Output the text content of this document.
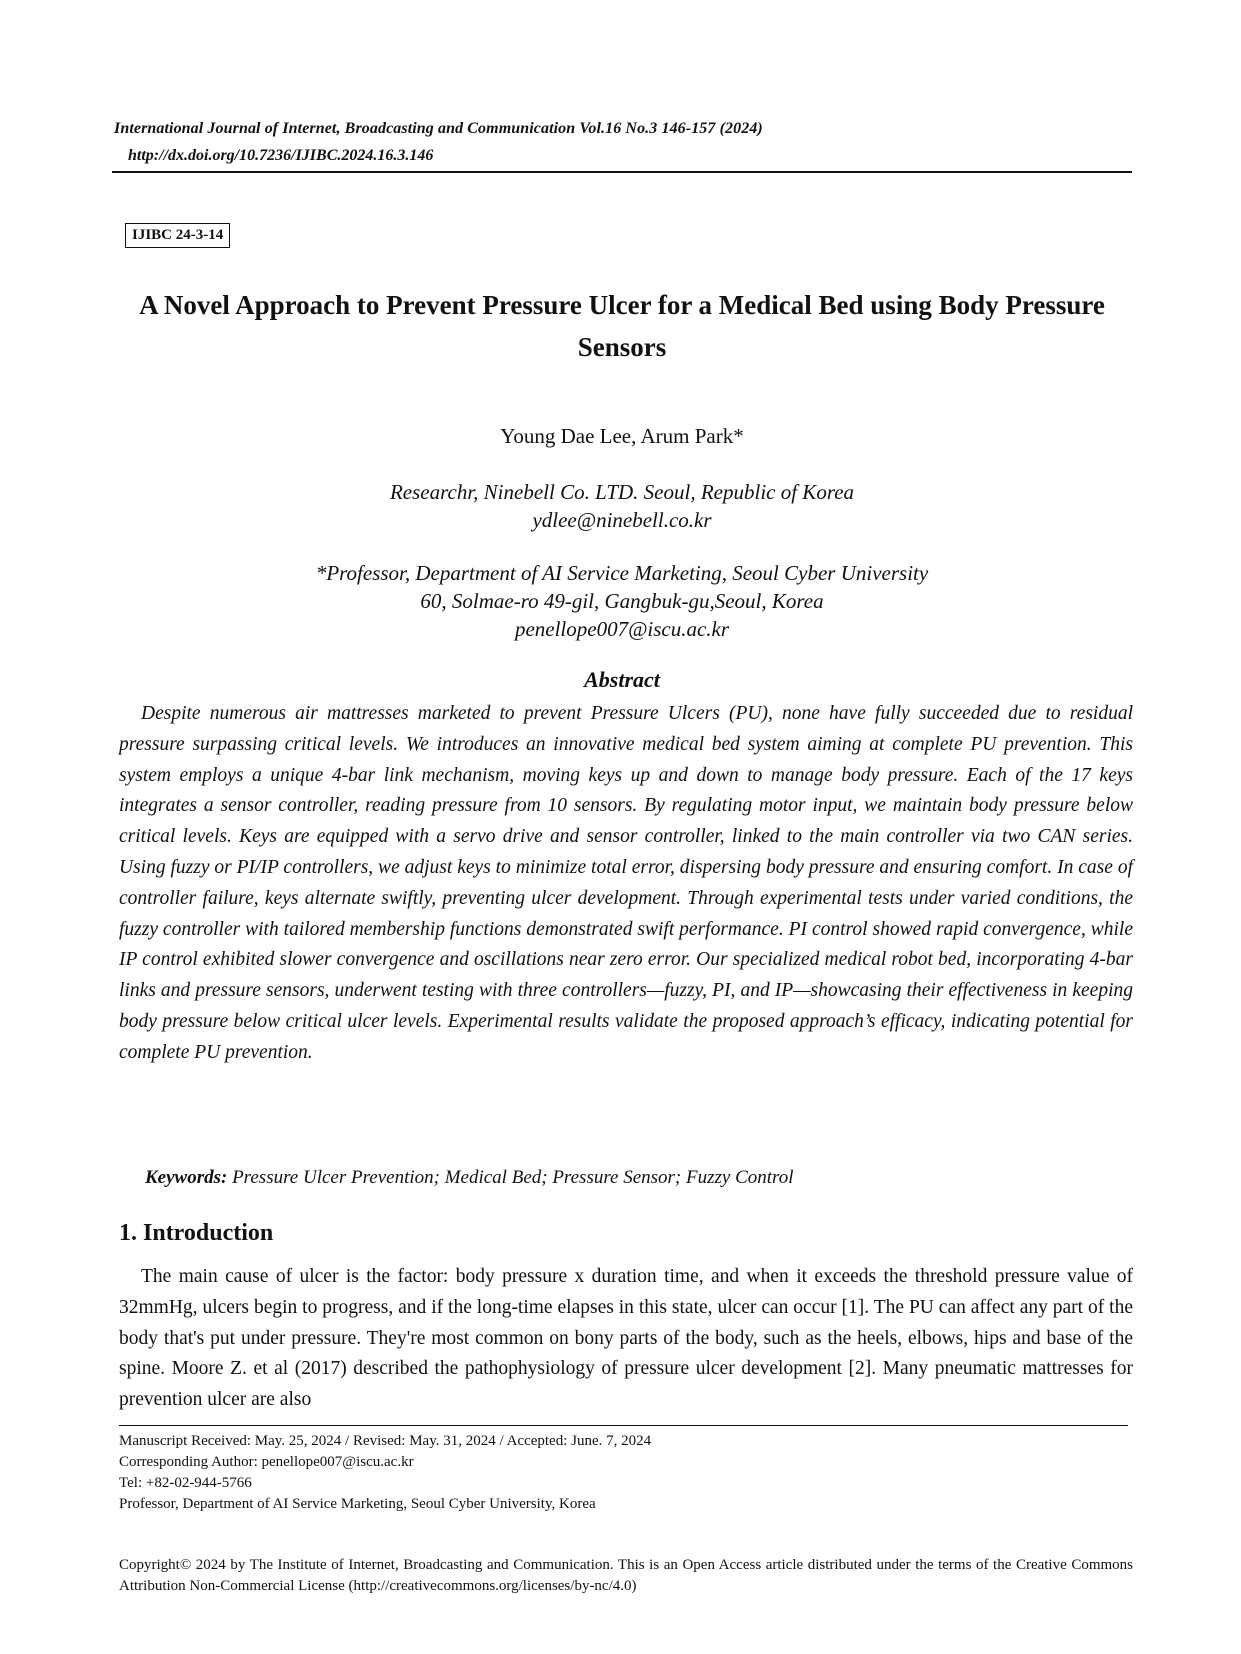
International Journal of Internet, Broadcasting and Communication Vol.16 No.3 146-157 (2024)
http://dx.doi.org/10.7236/IJIBC.2024.16.3.146
IJIBC 24-3-14
A Novel Approach to Prevent Pressure Ulcer for a Medical Bed using Body Pressure Sensors
Young Dae Lee, Arum Park*
Researchr, Ninebell Co. LTD. Seoul, Republic of Korea
ydlee@ninebell.co.kr
*Professor, Department of AI Service Marketing, Seoul Cyber University
60, Solmae-ro 49-gil, Gangbuk-gu,Seoul, Korea
penellope007@iscu.ac.kr
Abstract

Despite numerous air mattresses marketed to prevent Pressure Ulcers (PU), none have fully succeeded due to residual pressure surpassing critical levels. We introduces an innovative medical bed system aiming at complete PU prevention. This system employs a unique 4-bar link mechanism, moving keys up and down to manage body pressure. Each of the 17 keys integrates a sensor controller, reading pressure from 10 sensors. By regulating motor input, we maintain body pressure below critical levels. Keys are equipped with a servo drive and sensor controller, linked to the main controller via two CAN series. Using fuzzy or PI/IP controllers, we adjust keys to minimize total error, dispersing body pressure and ensuring comfort. In case of controller failure, keys alternate swiftly, preventing ulcer development. Through experimental tests under varied conditions, the fuzzy controller with tailored membership functions demonstrated swift performance. PI control showed rapid convergence, while IP control exhibited slower convergence and oscillations near zero error. Our specialized medical robot bed, incorporating 4-bar links and pressure sensors, underwent testing with three controllers—fuzzy, PI, and IP—showcasing their effectiveness in keeping body pressure below critical ulcer levels. Experimental results validate the proposed approach’s efficacy, indicating potential for complete PU prevention.

Keywords: Pressure Ulcer Prevention; Medical Bed; Pressure Sensor; Fuzzy Control
1. Introduction

The main cause of ulcer is the factor: body pressure x duration time, and when it exceeds the threshold pressure value of 32mmHg, ulcers begin to progress, and if the long-time elapses in this state, ulcer can occur [1]. The PU can affect any part of the body that's put under pressure. They're most common on bony parts of the body, such as the heels, elbows, hips and base of the spine. Moore Z. et al (2017) described the pathophysiology of pressure ulcer development [2]. Many pneumatic mattresses for prevention ulcer are also

Manuscript Received: May. 25, 2024 / Revised: May. 31, 2024 / Accepted: June. 7, 2024
Corresponding Author: penellope007@iscu.ac.kr
Tel: +82-02-944-5766
Professor, Department of AI Service Marketing, Seoul Cyber University, Korea

Copyright© 2024 by The Institute of Internet, Broadcasting and Communication. This is an Open Access article distributed under the terms of the Creative Commons Attribution Non-Commercial License (http://creativecommons.org/licenses/by-nc/4.0)
